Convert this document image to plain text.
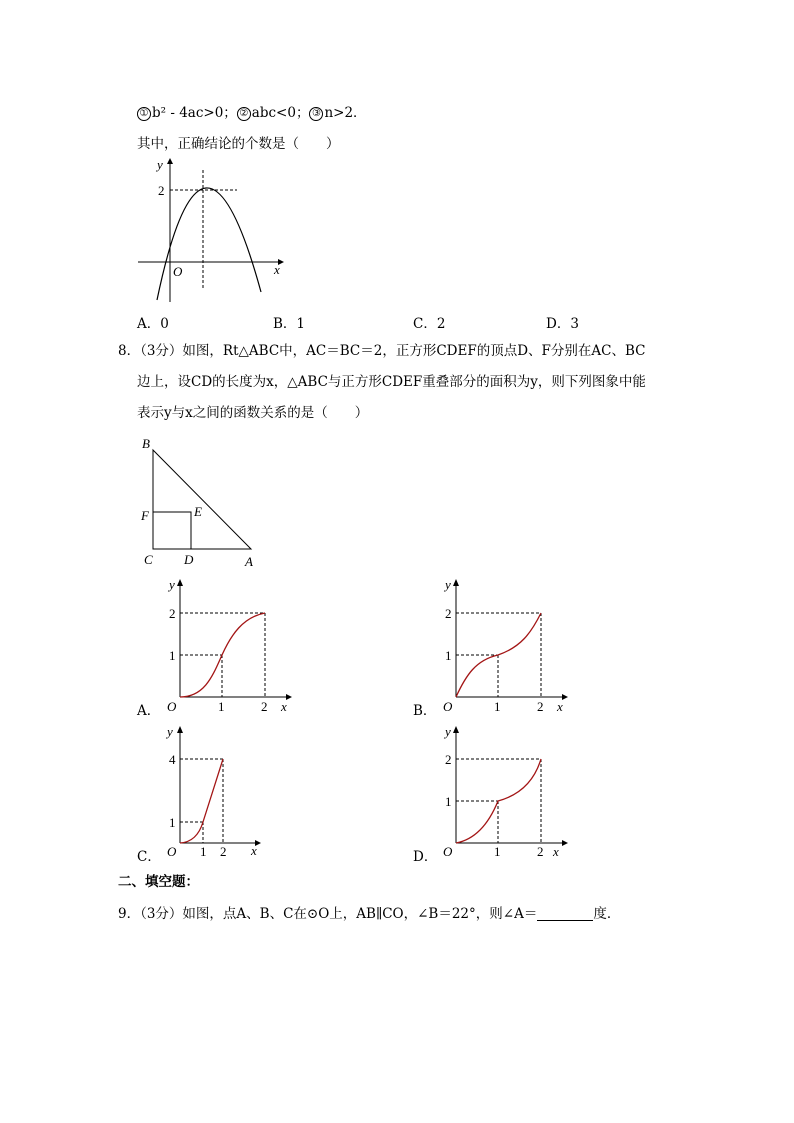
① b² - 4ac>0； ② abc<0； ③ n>2．
其中，正确结论的个数是（　　）
y
x
O
2
A．0	B．1	C．2	D．3
8．（3分）如图，Rt△ABC中，AC＝BC＝2，正方形CDEF的顶点D、F分别在AC、BC
边上，设CD的长度为x，△ABC与正方形CDEF重叠部分的面积为y，则下列图象中能
表示y与x之间的函数关系的是（　　）
B
F	E
C D	A
A．
y
x
O
2
1
1	2	B．
y
x
O
2
1
1	2
C．
y
x
O
4
1
1 2	D．
y
x
O
2
1
1	2
二、填空题：
9．（3分）如图，点A、B、C在⊙O上，AB∥CO，∠B＝22°，则∠A＝	度．
